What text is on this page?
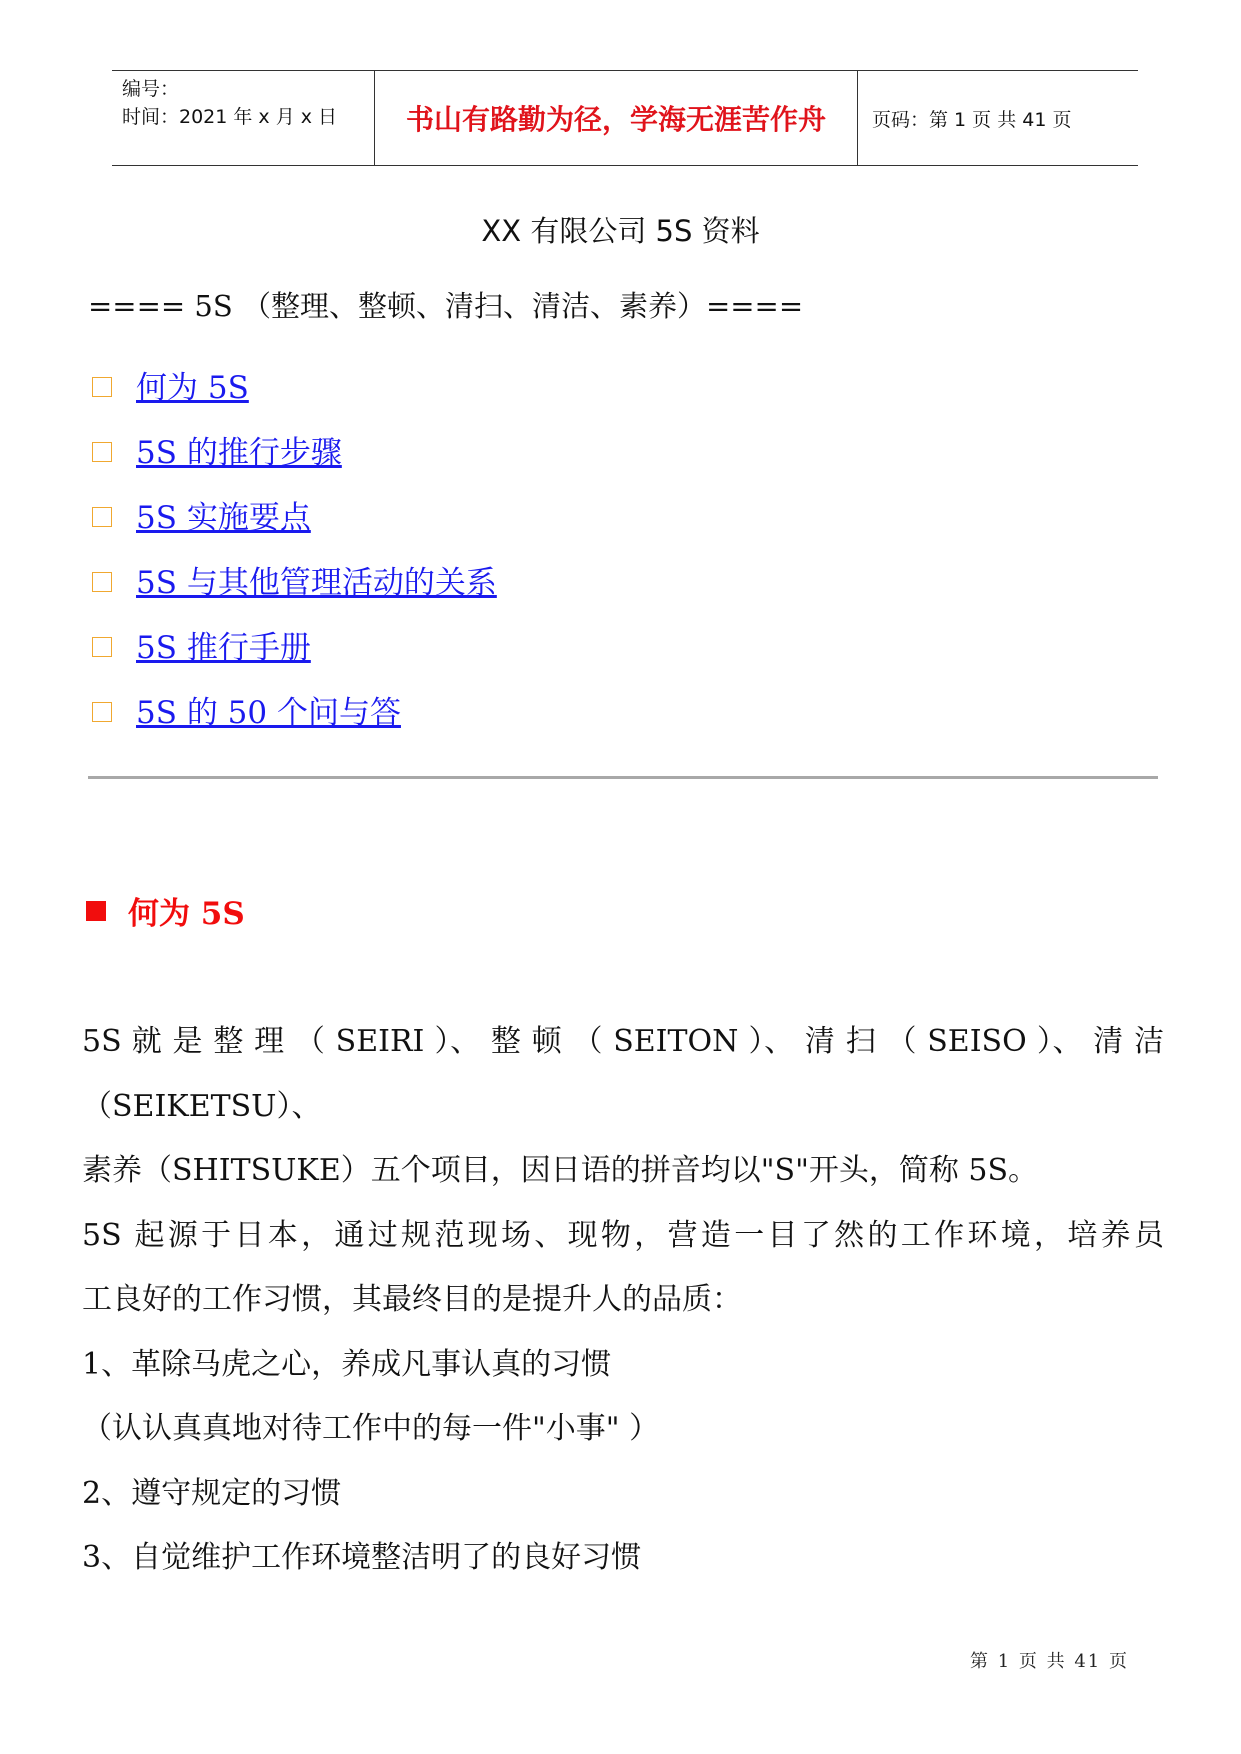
编号：
时间：2021 年 x 月 x 日	书山有路勤为径，学海无涯苦作舟 页码：第 1 页 共 41 页
XX 有限公司 5S 资料
==== 5S （整理、整顿、清扫、清洁、素养）====
何为 5S
5S 的推行步骤
5S 实施要点
5S 与其他管理活动的关系
5S 推行手册
5S 的 50 个问与答
何为 5S

5S 就 是 整 理 （ SEIRI ）、 整 顿 （ SEITON ）、 清 扫 （ SEISO ）、 清 洁

（SEIKETSU）、

素养（SHITSUKE）五个项目，因日语的拼音均以"S"开头，简称 5S。

5S 起源于日本，通过规范现场、现物，营造一目了然的工作环境，培养员

工良好的工作习惯，其最终目的是提升人的品质：

1、革除马虎之心，养成凡事认真的习惯

（认认真真地对待工作中的每一件"小事" ）

2、遵守规定的习惯

3、自觉维护工作环境整洁明了的良好习惯

第 1 页 共 41 页
